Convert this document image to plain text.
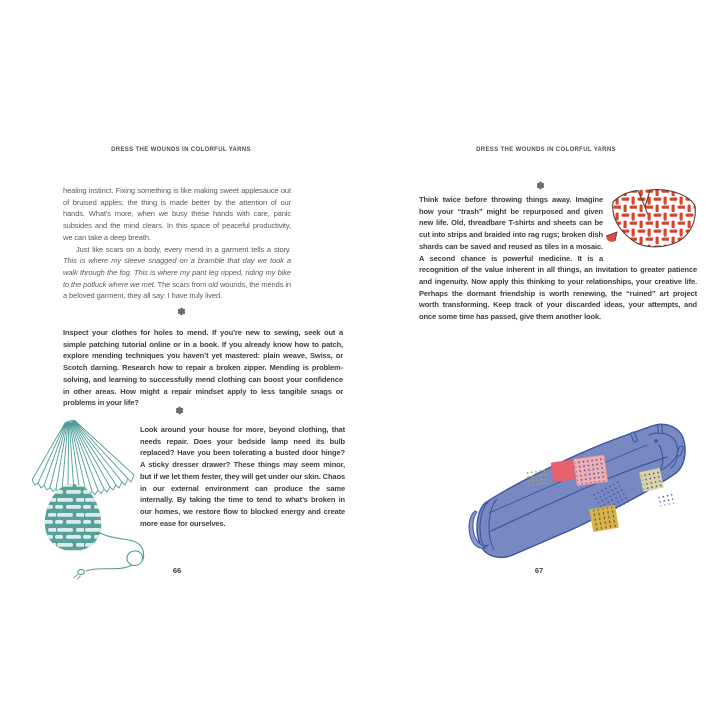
DRESS THE WOUNDS IN COLORFUL YARNS

healing instinct. Fixing something is like making sweet applesauce out of bruised apples; the thing is made better by the attention of our hands. What’s more, when we busy these hands with care, panic subsides and the mind clears. In this space of peaceful productivity, we can take a deep breath.

Just like scars on a body, every mend in a garment tells a story. This is where my sleeve snagged on a bramble that day we took a walk through the fog. This is where my pant leg ripped, riding my bike to the potluck where we met. The scars from old wounds, the mends in a beloved garment, they all say: I have truly lived.

Inspect your clothes for holes to mend. If you’re new to sewing, seek out a simple patching tutorial online or in a book. If you already know how to patch, explore mending techniques you haven’t yet mastered: plain weave, Swiss, or Scotch darning. Research how to repair a broken zipper. Mending is problem-solving, and learning to successfully mend clothing can boost your confidence in other areas. How might a repair mindset apply to less tangible snags or problems in your life?

Look around your house for more, beyond clothing, that needs repair. Does your bedside lamp need its bulb replaced? Have you been tolerating a busted door hinge? A sticky dresser drawer? These things may seem minor, but if we let them fester, they will get under our skin. Chaos in our external environment can produce the same internally. By taking the time to tend to what’s broken in our homes, we restore flow to blocked energy and create more ease for ourselves.

66
DRESS THE WOUNDS IN COLORFUL YARNS

Think twice before throwing things away. Imagine how your “trash” might be repurposed and given new life. Old, threadbare T-shirts and sheets can be cut into strips and braided into rag rugs; broken dish shards can be saved and reused as tiles in a mosaic. A second chance is powerful medicine. It is a recognition of the value inherent in all things, an invitation to greater patience and ingenuity. Now apply this thinking to your relationships, your creative life. Perhaps the dormant friendship is worth renewing, the “ruined” art project worth transforming. Keep track of your discarded ideas, your attempts, and once some time has passed, give them another look.

67
